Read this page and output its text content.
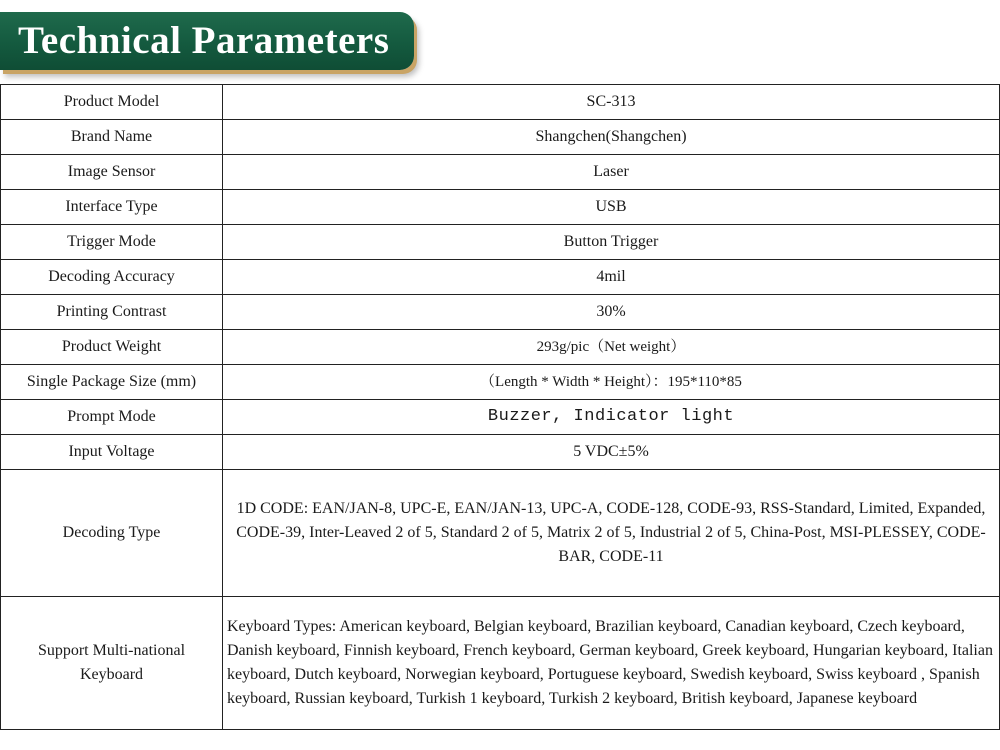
Technical Parameters
Product Model	SC-313
Brand Name	Shangchen(Shangchen)
Image Sensor	Laser
Interface Type	USB
Trigger Mode	Button Trigger
Decoding Accuracy	4mil
Printing Contrast	30%
Product Weight	293g/pic（Net weight）
Single Package Size (mm)	（Length * Width * Height）：195*110*85
Prompt Mode	Buzzer, Indicator light
Input Voltage	5 VDC±5%
Decoding Type	1D CODE: EAN/JAN-8, UPC-E, EAN/JAN-13, UPC-A, CODE-128, CODE-93, RSS-Standard, Limited, Expanded, CODE-39, Inter-Leaved 2 of 5, Standard 2 of 5, Matrix 2 of 5, Industrial 2 of 5, China-Post, MSI-PLESSEY, CODE-BAR, CODE-11
Support Multi-national Keyboard	Keyboard Types: American keyboard, Belgian keyboard, Brazilian keyboard, Canadian keyboard, Czech keyboard, Danish keyboard, Finnish keyboard, French keyboard, German keyboard, Greek keyboard, Hungarian keyboard, Italian keyboard, Dutch keyboard, Norwegian keyboard, Portuguese keyboard, Swedish keyboard, Swiss keyboard , Spanish keyboard, Russian keyboard, Turkish 1 keyboard, Turkish 2 keyboard, British keyboard, Japanese keyboard
